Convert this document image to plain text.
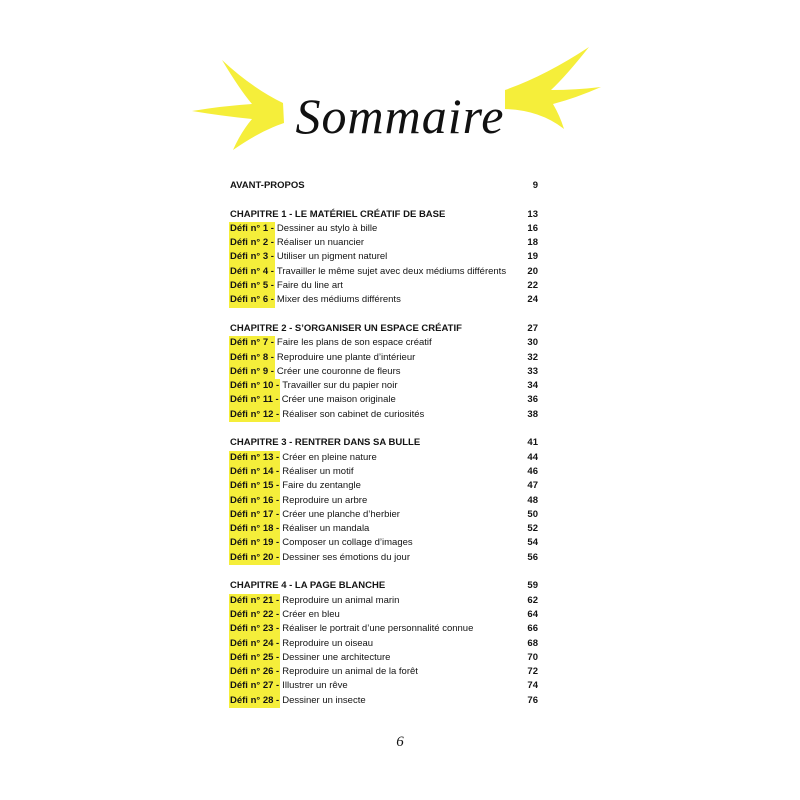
Sommaire
AVANT-PROPOS	9
CHAPITRE 1 - LE MATÉRIEL CRÉATIF DE BASE	13
Défi n° 1 - Dessiner au stylo à bille	16
Défi n° 2 - Réaliser un nuancier	18
Défi n° 3 - Utiliser un pigment naturel	19
Défi n° 4 - Travailler le même sujet avec deux médiums différents 20
Défi n° 5 - Faire du line art	22
Défi n° 6 - Mixer des médiums différents	24
CHAPITRE 2 - S’ORGANISER UN ESPACE CRÉATIF	27
Défi n° 7 - Faire les plans de son espace créatif	30
Défi n° 8 - Reproduire une plante d’intérieur	32
Défi n° 9 - Créer une couronne de fleurs	33
Défi n° 10 - Travailler sur du papier noir	34
Défi n° 11 - Créer une maison originale	36
Défi n° 12 - Réaliser son cabinet de curiosités	38
CHAPITRE 3 - RENTRER DANS SA BULLE	41
Défi n° 13 - Créer en pleine nature	44
Défi n° 14 - Réaliser un motif	46
Défi n° 15 - Faire du zentangle	47
Défi n° 16 - Reproduire un arbre	48
Défi n° 17 - Créer une planche d’herbier	50
Défi n° 18 - Réaliser un mandala	52
Défi n° 19 - Composer un collage d’images	54
Défi n° 20 - Dessiner ses émotions du jour	56
CHAPITRE 4 - LA PAGE BLANCHE	59
Défi n° 21 - Reproduire un animal marin	62
Défi n° 22 - Créer en bleu	64
Défi n° 23 - Réaliser le portrait d’une personnalité connue	66
Défi n° 24 - Reproduire un oiseau	68
Défi n° 25 - Dessiner une architecture	70
Défi n° 26 - Reproduire un animal de la forêt	72
Défi n° 27 - Illustrer un rêve	74
Défi n° 28 - Dessiner un insecte	76
6
